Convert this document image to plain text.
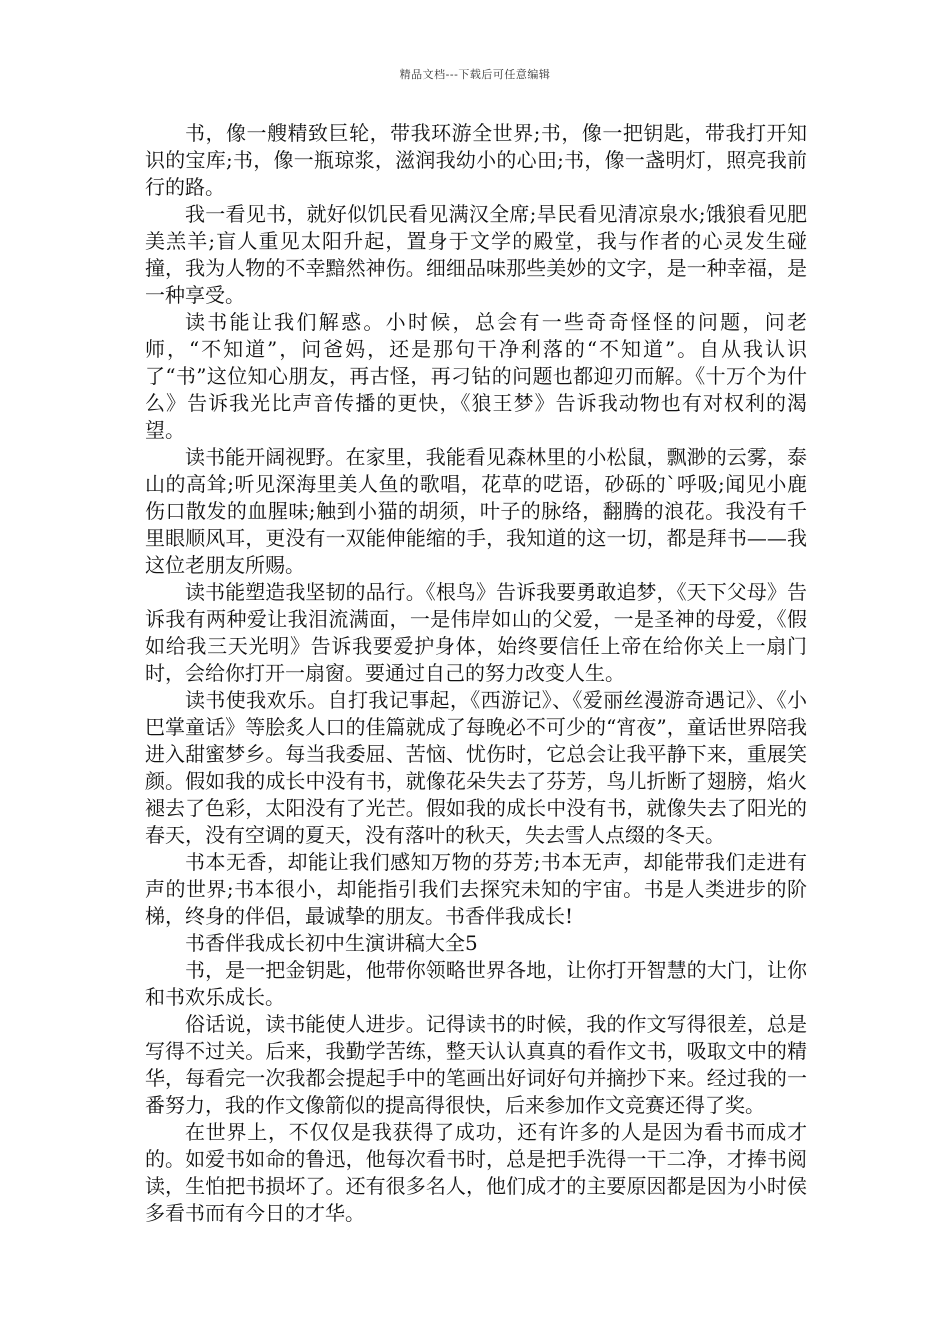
精品文档---下载后可任意编辑

书，像一艘精致巨轮，带我环游全世界;书，像一把钥匙，带我打开知识的宝库;书，像一瓶琼浆，滋润我幼小的心田;书，像一盏明灯，照亮我前行的路。

我一看见书，就好似饥民看见满汉全席;旱民看见清凉泉水;饿狼看见肥美羔羊;盲人重见太阳升起，置身于文学的殿堂，我与作者的心灵发生碰撞，我为人物的不幸黯然神伤。细细品味那些美妙的文字，是一种幸福，是一种享受。

读书能让我们解惑。小时候，总会有一些奇奇怪怪的问题，问老师，“不知道”，问爸妈，还是那句干净利落的“不知道”。自从我认识了“书”这位知心朋友，再古怪，再刁钻的问题也都迎刃而解。《十万个为什么》告诉我光比声音传播的更快，《狼王梦》告诉我动物也有对权利的渴望。

读书能开阔视野。在家里，我能看见森林里的小松鼠，飘渺的云雾，泰山的高耸;听见深海里美人鱼的歌唱，花草的呓语，砂砾的`呼吸;闻见小鹿伤口散发的血腥味;触到小猫的胡须，叶子的脉络，翻腾的浪花。我没有千里眼顺风耳，更没有一双能伸能缩的手，我知道的这一切，都是拜书——我这位老朋友所赐。

读书能塑造我坚韧的品行。《根鸟》告诉我要勇敢追梦，《天下父母》告诉我有两种爱让我泪流满面，一是伟岸如山的父爱，一是圣神的母爱，《假如给我三天光明》告诉我要爱护身体，始终要信任上帝在给你关上一扇门时，会给你打开一扇窗。要通过自己的努力改变人生。

读书使我欢乐。自打我记事起，《西游记》、《爱丽丝漫游奇遇记》、《小巴掌童话》等脍炙人口的佳篇就成了每晚必不可少的“宵夜”，童话世界陪我进入甜蜜梦乡。每当我委屈、苦恼、忧伤时，它总会让我平静下来，重展笑颜。假如我的成长中没有书，就像花朵失去了芬芳，鸟儿折断了翅膀，焰火褪去了色彩，太阳没有了光芒。假如我的成长中没有书，就像失去了阳光的春天，没有空调的夏天，没有落叶的秋天，失去雪人点缀的冬天。

书本无香，却能让我们感知万物的芬芳;书本无声，却能带我们走进有声的世界;书本很小，却能指引我们去探究未知的宇宙。书是人类进步的阶梯，终身的伴侣，最诚挚的朋友。书香伴我成长!

书香伴我成长初中生演讲稿大全5

书，是一把金钥匙，他带你领略世界各地，让你打开智慧的大门，让你和书欢乐成长。

俗话说，读书能使人进步。记得读书的时候，我的作文写得很差，总是写得不过关。后来，我勤学苦练，整天认认真真的看作文书，吸取文中的精华，每看完一次我都会提起手中的笔画出好词好句并摘抄下来。经过我的一番努力，我的作文像箭似的提高得很快，后来参加作文竞赛还得了奖。

在世界上，不仅仅是我获得了成功，还有许多的人是因为看书而成才的。如爱书如命的鲁迅，他每次看书时，总是把手洗得一干二净，才捧书阅读，生怕把书损坏了。还有很多名人，他们成才的主要原因都是因为小时侯多看书而有今日的才华。
